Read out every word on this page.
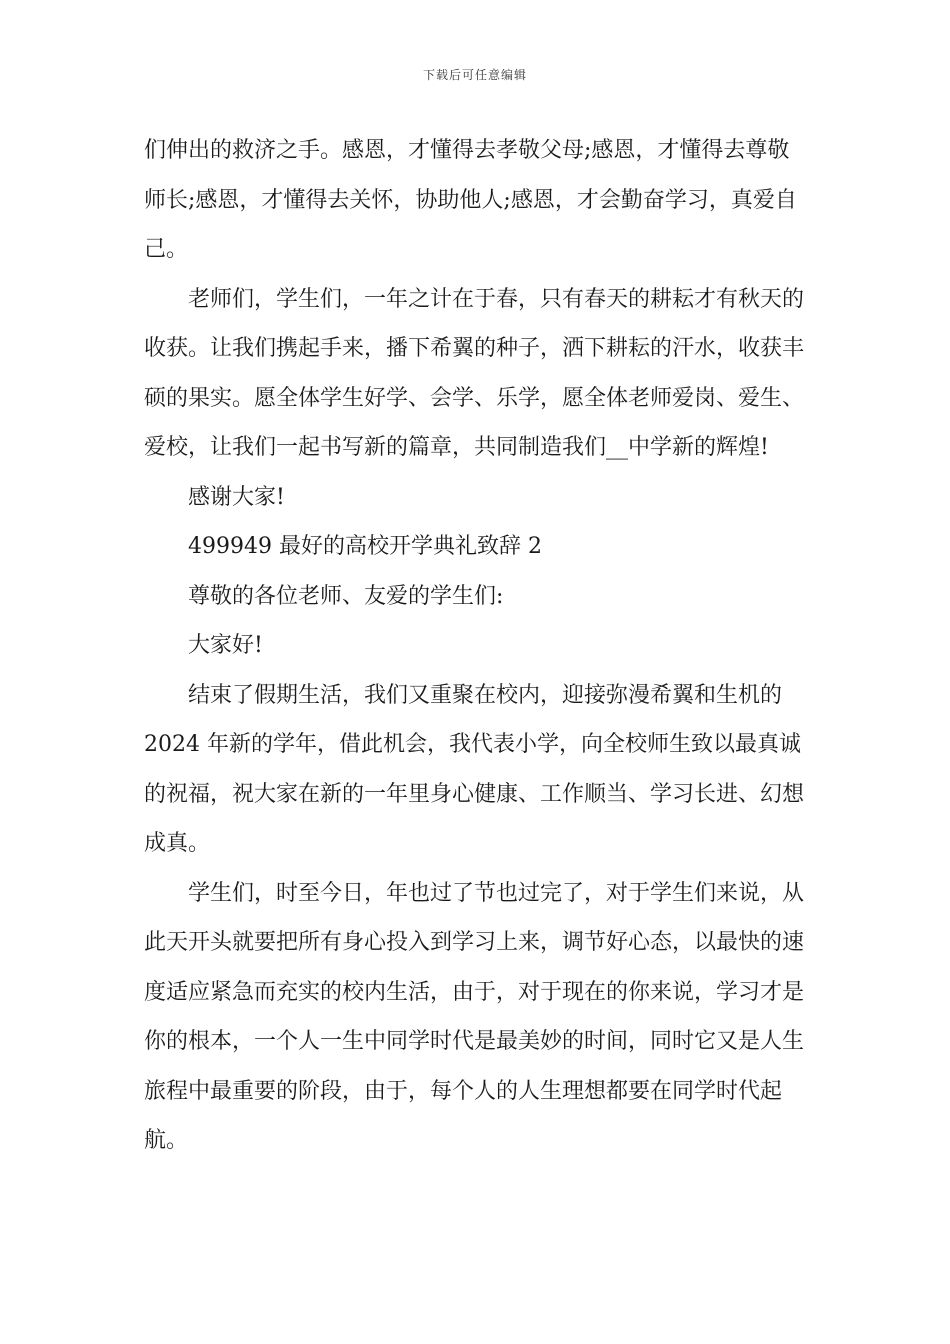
下载后可任意编辑

们伸出的救济之手。感恩，才懂得去孝敬父母;感恩，才懂得去尊敬师长;感恩，才懂得去关怀，协助他人;感恩，才会勤奋学习，真爱自己。

老师们，学生们，一年之计在于春，只有春天的耕耘才有秋天的收获。让我们携起手来，播下希翼的种子，洒下耕耘的汗水，收获丰硕的果实。愿全体学生好学、会学、乐学，愿全体老师爱岗、爱生、爱校，让我们一起书写新的篇章，共同制造我们__中学新的辉煌!

感谢大家!

499949 最好的高校开学典礼致辞 2

尊敬的各位老师、友爱的学生们:

大家好!

结束了假期生活，我们又重聚在校内，迎接弥漫希翼和生机的 2024 年新的学年，借此机会，我代表小学，向全校师生致以最真诚的祝福，祝大家在新的一年里身心健康、工作顺当、学习长进、幻想成真。

学生们，时至今日，年也过了节也过完了，对于学生们来说，从此天开头就要把所有身心投入到学习上来，调节好心态，以最快的速度适应紧急而充实的校内生活，由于，对于现在的你来说，学习才是你的根本，一个人一生中同学时代是最美妙的时间，同时它又是人生旅程中最重要的阶段，由于，每个人的人生理想都要在同学时代起航。
